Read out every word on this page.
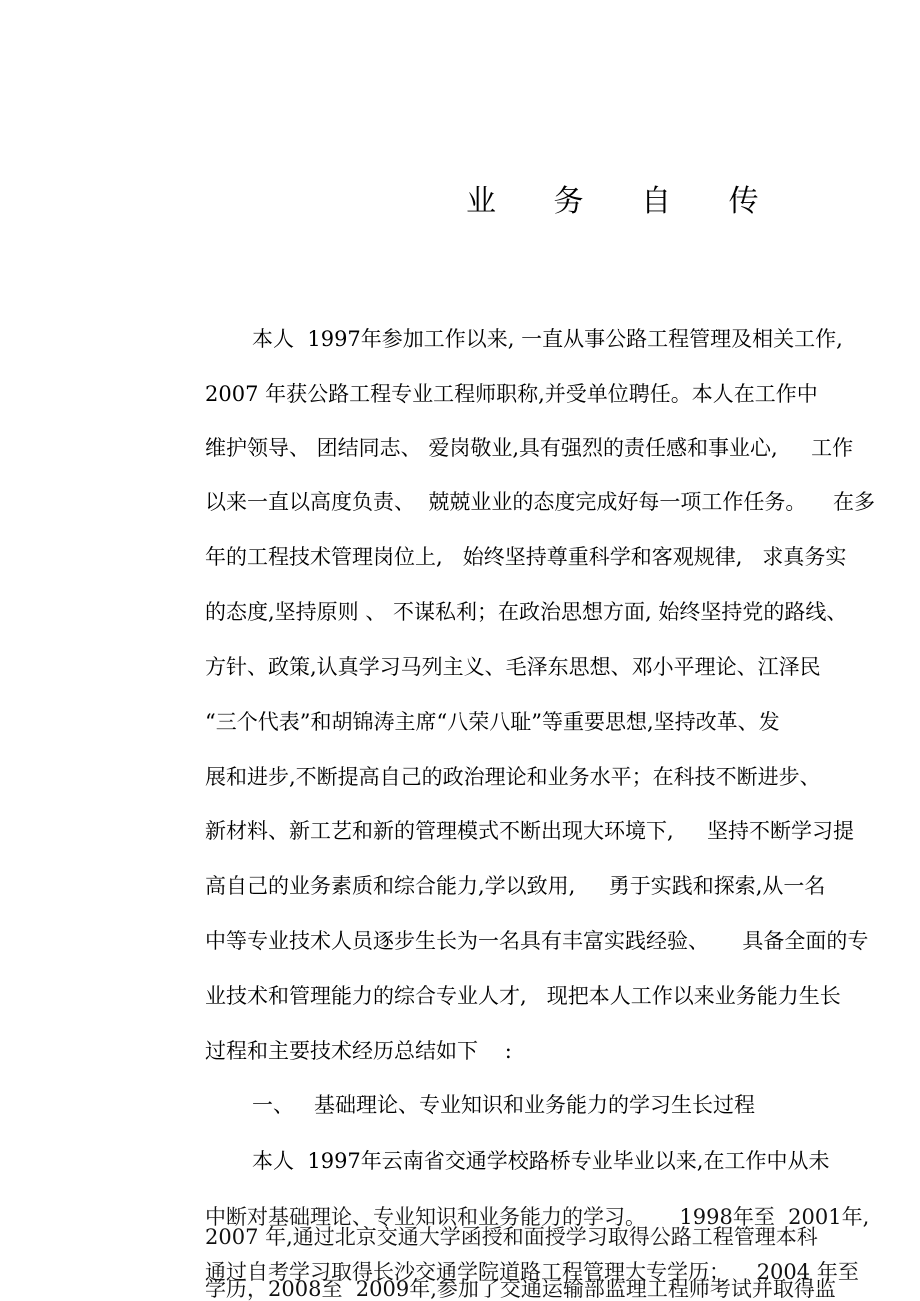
业 务 自 传
本人  1997年参加工作以来, 一直从事公路工程管理及相关工作,
2007 年获公路工程专业工程师职称,并受单位聘任。本人在工作中
维护领导、 团结同志、 爱岗敬业,具有强烈的责任感和事业心,     工作
以来一直以高度负责、  兢兢业业的态度完成好每一项工作任务。    在多
年的工程技术管理岗位上,   始终坚持尊重科学和客观规律,   求真务实
的态度,坚持原则 、 不谋私利；在政治思想方面, 始终坚持党的路线、
方针、政策,认真学习马列主义、毛泽东思想、邓小平理论、江泽民
“三个代表”和胡锦涛主席“八荣八耻”等重要思想,坚持改革、发
展和进步,不断提高自己的政治理论和业务水平；在科技不断进步、
新材料、新工艺和新的管理模式不断出现大环境下,     坚持不断学习提
高自己的业务素质和综合能力,学以致用,     勇于实践和探索,从一名
中等专业技术人员逐步生长为一名具有丰富实践经验、     具备全面的专
业技术和管理能力的综合专业人才,   现把本人工作以来业务能力生长
过程和主要技术经历总结如下    :
一、   基础理论、专业知识和业务能力的学习生长过程
本人  1997年云南省交通学校路桥专业毕业以来,在工作中从未
中断对基础理论、专业知识和业务能力的学习。     1998年至  2001年,
2007 年,通过北京交通大学函授和面授学习取得公路工程管理本科
通过自考学习取得长沙交通学院道路工程管理大专学历；    2004 年至
学历，2008至  2009年,参加了交通运输部监理工程师考试并取得监
